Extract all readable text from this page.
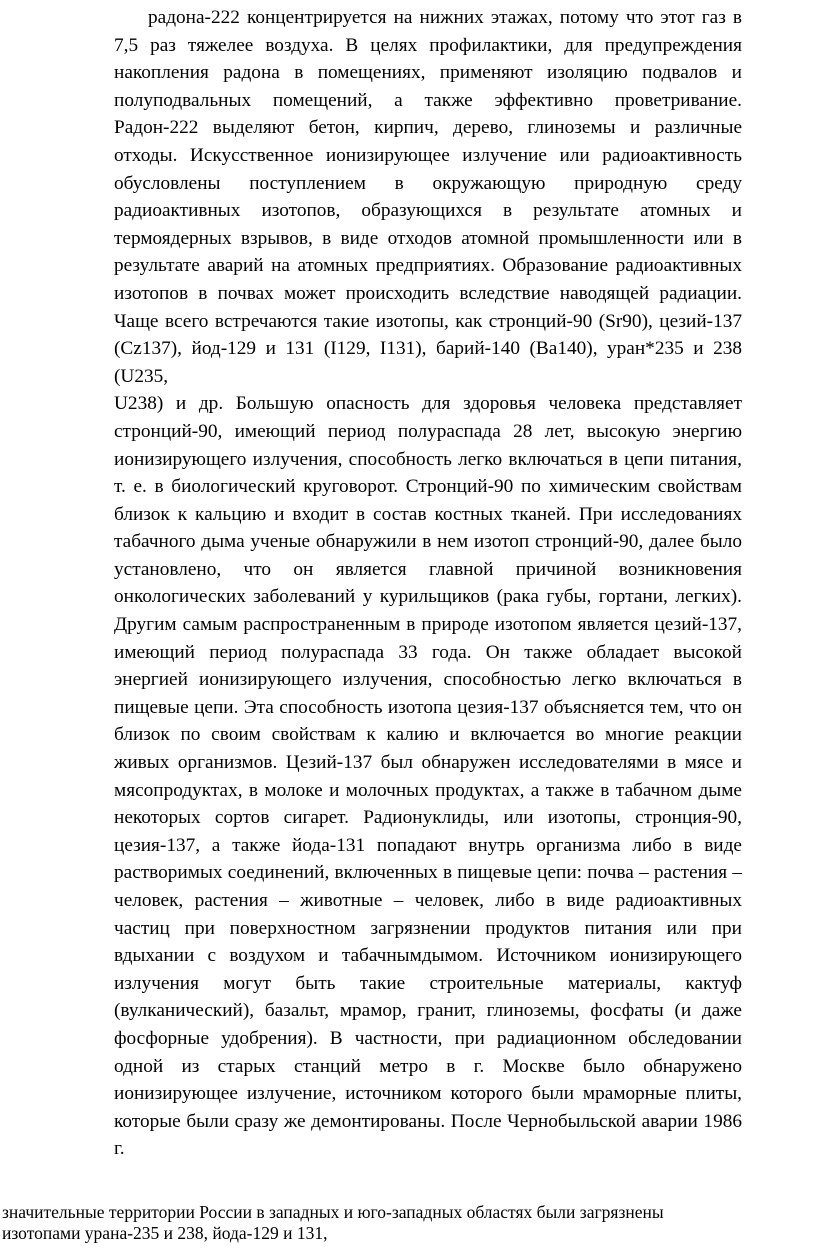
радона-222 концентрируется на нижних этажах, потому что этот газ в 7,5 раз тяжелее воздуха. В целях профилактики, для предупреждения накопления радона в помещениях, применяют изоляцию подвалов и полуподвальных помещений, а также эффективно проветривание. Радон-222 выделяют бетон, кирпич, дерево, глиноземы и различные отходы. Искусственное ионизирующее излучение или радиоактивность обусловлены поступлением в окружающую природную среду радиоактивных изотопов, образующихся в результате атомных и термоядерных взрывов, в виде отходов атомной промышленности или в результате аварий на атомных предприятиях. Образование радиоактивных изотопов в почвах может происходить вследствие наводящей радиации. Чаще всего встречаются такие изотопы, как стронций-90 (Sr90), цезий-137 (Cz137), йод-129 и 131 (I129, I131), барий-140 (Ba140), уран*235 и 238 (U235,

U238) и др. Большую опасность для здоровья человека представляет стронций-90, имеющий период полураспада 28 лет, высокую энергию ионизирующего излучения, способность легко включаться в цепи питания, т. е. в биологический круговорот. Стронций-90 по химическим свойствам близок к кальцию и входит в состав костных тканей. При исследованиях табачного дыма ученые обнаружили в нем изотоп стронций-90, далее было установлено, что он является главной причиной возникновения онкологических заболеваний у курильщиков (рака губы, гортани, легких). Другим самым распространенным в природе изотопом является цезий-137, имеющий период полураспада 33 года. Он также обладает высокой энергией ионизирующего излучения, способностью легко включаться в пищевые цепи. Эта способность изотопа цезия-137 объясняется тем, что он близок по своим свойствам к калию и включается во многие реакции живых организмов. Цезий-137 был обнаружен исследователями в мясе и мясопродуктах, в молоке и молочных продуктах, а также в табачном дыме некоторых сортов сигарет. Радионуклиды, или изотопы, стронция-90, цезия-137, а также йода-131 попадают внутрь организма либо в виде растворимых соединений, включенных в пищевые цепи: почва – растения – человек, растения – животные – человек, либо в виде радиоактивных частиц при поверхностном загрязнении продуктов питания или при вдыхании с воздухом и табачнымдымом. Источником ионизирующего излучения могут быть такие строительные материалы, кактуф (вулканический), базальт, мрамор, гранит, глиноземы, фосфаты (и даже фосфорные удобрения). В частности, при радиационном обследовании одной из старых станций метро в г. Москве было обнаружено ионизирующее излучение, источником которого были мраморные плиты, которые были сразу же демонтированы. После Чернобыльской аварии 1986 г.

значительные территории России в западных и юго-западных областях были загрязнены

изотопами урана-235 и 238, йода-129 и 131,
